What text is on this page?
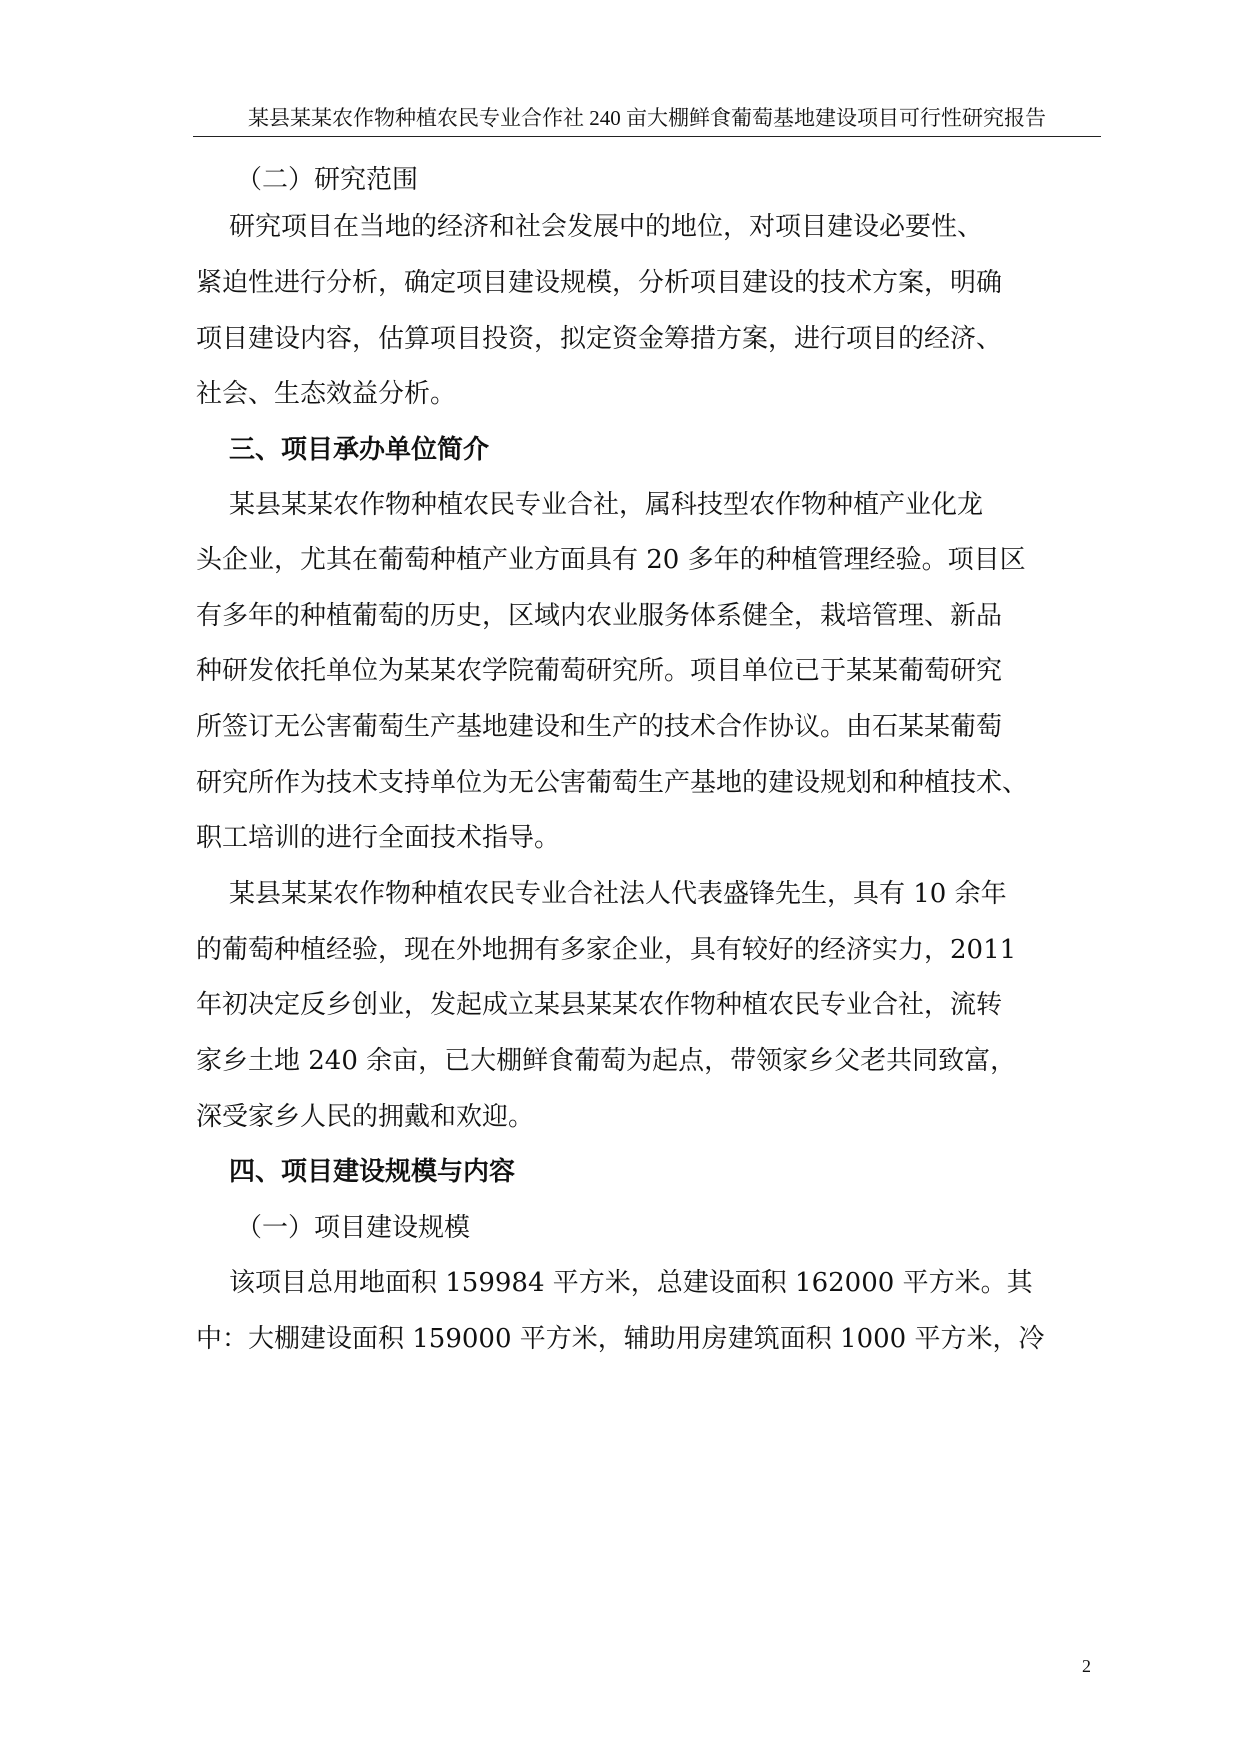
某县某某农作物种植农民专业合作社 240 亩大棚鲜食葡萄基地建设项目可行性研究报告
（二）研究范围
研究项目在当地的经济和社会发展中的地位，对项目建设必要性、
紧迫性进行分析，确定项目建设规模，分析项目建设的技术方案，明确
项目建设内容，估算项目投资，拟定资金筹措方案，进行项目的经济、
社会、生态效益分析。
三、项目承办单位简介
某县某某农作物种植农民专业合社，属科技型农作物种植产业化龙
头企业，尤其在葡萄种植产业方面具有 20 多年的种植管理经验。项目区
有多年的种植葡萄的历史，区域内农业服务体系健全，栽培管理、新品
种研发依托单位为某某农学院葡萄研究所。项目单位已于某某葡萄研究
所签订无公害葡萄生产基地建设和生产的技术合作协议。由石某某葡萄
研究所作为技术支持单位为无公害葡萄生产基地的建设规划和种植技术、
职工培训的进行全面技术指导。
某县某某农作物种植农民专业合社法人代表盛锋先生，具有 10 余年
的葡萄种植经验，现在外地拥有多家企业，具有较好的经济实力，2011
年初决定反乡创业，发起成立某县某某农作物种植农民专业合社，流转
家乡土地 240 余亩，已大棚鲜食葡萄为起点，带领家乡父老共同致富，
深受家乡人民的拥戴和欢迎。
四、项目建设规模与内容
（一）项目建设规模
该项目总用地面积 159984 平方米，总建设面积 162000 平方米。其
中：大棚建设面积 159000 平方米，辅助用房建筑面积 1000 平方米，冷
2
